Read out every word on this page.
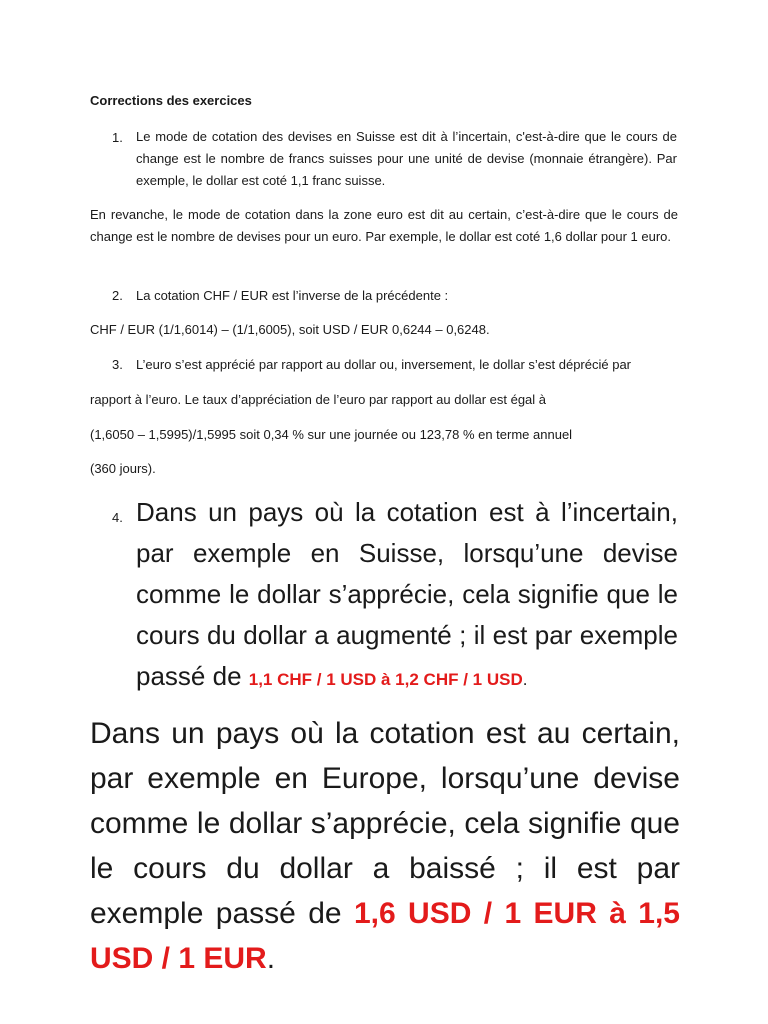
Corrections des exercices

1. Le mode de cotation des devises en Suisse est dit à l’incertain, c'est-à-dire que le cours de change est le nombre de francs suisses pour une unité de devise (monnaie étrangère). Par exemple, le dollar est coté 1,1 franc suisse.

En revanche, le mode de cotation dans la zone euro est dit au certain, c’est-à-dire que le cours de change est le nombre de devises pour un euro. Par exemple, le dollar est coté 1,6 dollar pour 1 euro.

2. La cotation CHF / EUR est l’inverse de la précédente :

CHF / EUR (1/1,6014) – (1/1,6005), soit USD / EUR 0,6244 – 0,6248.

3. L’euro s’est apprécié par rapport au dollar ou, inversement, le dollar s’est déprécié par

rapport à l’euro. Le taux d’appréciation de l’euro par rapport au dollar est égal à

(1,6050 – 1,5995)/1,5995 soit 0,34 % sur une journée ou 123,78 % en terme annuel

(360 jours).

4. Dans un pays où la cotation est à l’incertain, par exemple en Suisse, lorsqu’une devise comme le dollar s’apprécie, cela signifie que le cours du dollar a augmenté ; il est par exemple passé de 1,1 CHF / 1 USD à 1,2 CHF / 1 USD.

Dans un pays où la cotation est au certain, par exemple en Europe, lorsqu’une devise comme le dollar s’apprécie, cela signifie que le cours du dollar a baissé ; il est par exemple passé de 1,6 USD / 1 EUR à 1,5 USD / 1 EUR.
